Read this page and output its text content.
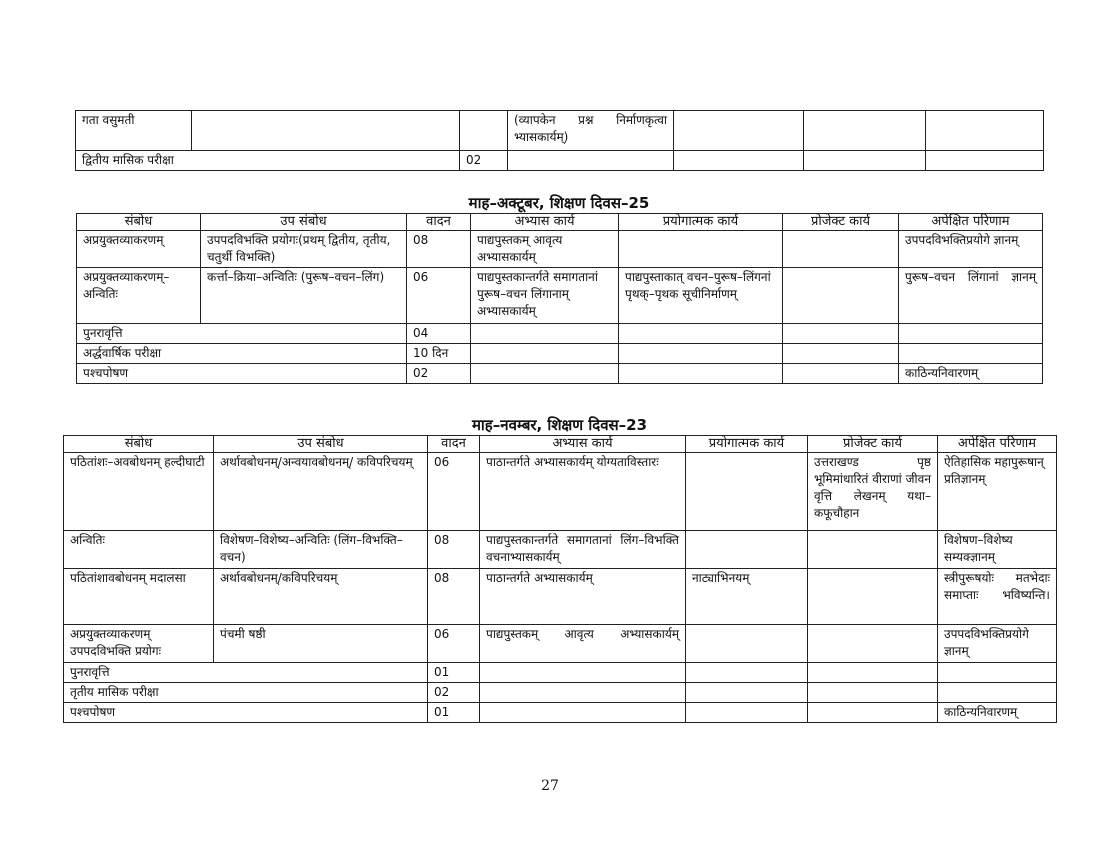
गता वसुमती			(व्यापकेन प्रश्न निर्माणकृत्वा भ्यासकार्यम्)			
द्वितीय मासिक परीक्षा		02				
माह–अक्टूबर, शिक्षण दिवस–25
संबोध	उप संबोध	वादन	अभ्यास कार्य	प्रयोगात्मक कार्य	प्रोजेक्ट कार्य	अपेक्षित परिणाम
अप्रयुक्तव्याकरणम्	उपपदविभक्ति प्रयोगः(प्रथम् द्वितीय, तृतीय, चतुर्थी विभक्ति)	08	पाद्यपुस्तकम् आवृत्य अभ्यासकार्यम्			उपपदविभक्तिप्रयोगे ज्ञानम्
अप्रयुक्तव्याकरणम्– अन्वितिः	कर्त्ता–क्रिया–अन्वितिः (पुरूष–वचन–लिंग)	06	पाद्यपुस्तकान्तर्गते समागतानां पुरूष–वचन लिंगानाम् अभ्यासकार्यम्	पाद्यपुस्ताकात् वचन–पुरूष–लिंगनां पृथक्–पृथक सूचीनिर्माणम्		पुरूष–वचन लिंगानां ज्ञानम्
पुनरावृत्ति		04				
अर्द्धवार्षिक परीक्षा		10 दिन				
पश्चपोषण		02				काठिन्यनिवारणम्
माह–नवम्बर, शिक्षण दिवस–23
संबोध	उप संबोध	वादन	अभ्यास कार्य	प्रयोगात्मक कार्य	प्रोजेक्ट कार्य	अपेक्षित परिणाम
पठितांशः–अवबोधनम् हल्दीघाटी	अर्थावबोधनम्/अन्वयावबोधनम्/ कविपरिचयम्	06	पाठान्तर्गते अभ्यासकार्यम् योग्यताविस्तारः		उत्तराखण्ड पृष्ठ भूमिमांधारितं वीराणां जीवन वृत्ति लेखनम् यथा–कफूचौहान	ऐतिहासिक महापुरूषान् प्रतिज्ञानम्
अन्वितिः	विशेषण–विशेष्य–अन्वितिः (लिंग–विभक्ति–वचन)	08	पाद्यपुस्तकान्तर्गते समागतानां लिंग–विभक्ति वचनाभ्यासकार्यम्			विशेषण–विशेष्य सम्यक्ज्ञानम्
पठितांशावबोधनम् मदालसा	अर्थावबोधनम्/कविपरिचयम्	08	पाठान्तर्गते अभ्यासकार्यम्	नाट्याभिनयम्		स्त्रीपुरूषयोः मतभेदाः समाप्ताः भविष्यन्ति।
अप्रयुक्तव्याकरणम् उपपदविभक्ति प्रयोगः	पंचमी षष्ठी	06	पाद्यपुस्तकम् आवृत्य अभ्यासकार्यम्			उपपदविभक्तिप्रयोगे ज्ञानम्
पुनरावृत्ति		01				
तृतीय मासिक परीक्षा		02				
पश्चपोषण		01				काठिन्यनिवारणम्
27
